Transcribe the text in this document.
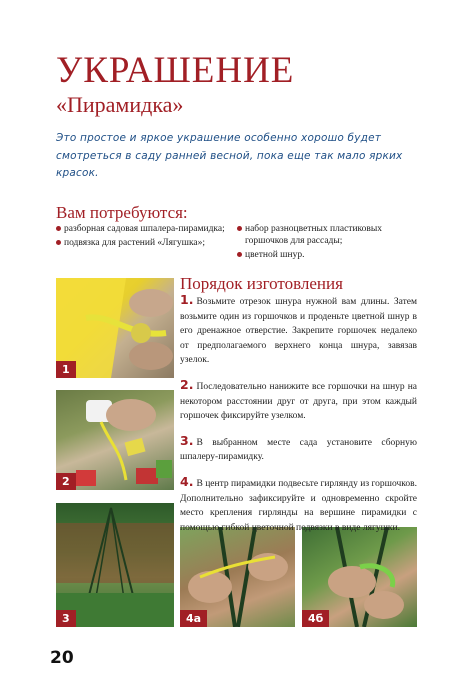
УКРАШЕНИЕ
«Пирамидка»
Это простое и яркое украшение особенно хорошо будет смотреться в саду ранней весной, пока еще так мало ярких красок.
Вам потребуются:
разборная садовая шпалера-пирамидка;
подвязка для растений «Лягушка»;
набор разноцветных пластиковых горшочков для рассады;
цветной шнур.
1
2
3	4а	4б
Порядок изготовления

1. Возьмите отрезок шнура нужной вам длины. Затем возьмите один из горшочков и проденьте цветной шнур в его дренажное отверстие. Закрепите горшочек недалеко от предполагаемого верхнего конца шнура, завязав узелок.

2. Последовательно нанижите все горшочки на шнур на некотором расстоянии друг от друга, при этом каждый горшочек фиксируйте узелком.

3. В выбранном месте сада установите сборную шпалеру-пирамидку.

4. В центр пирамидки подвесьте гирлянду из горшочков. Дополнительно зафиксируйте и одновременно скройте место крепления гирлянды на вершине пирамидки с помощью гибкой цветочной подвязки в виде лягушки.

20
